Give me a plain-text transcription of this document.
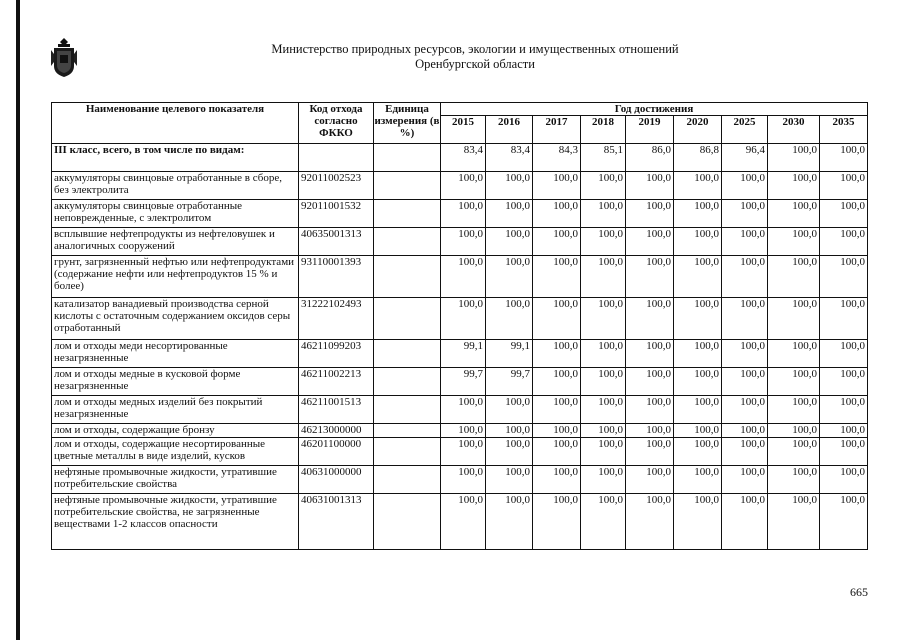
Министерство природных ресурсов, экологии и имущественных отношений
Оренбургской области
Наименование целевого показателя	Код отхода согласно ФККО	Единица измерения (в %)	Год достижения								
			2015	2016	2017	2018	2019	2020	2025	2030	2035
III класс, всего, в том числе по видам:			83,4	83,4	84,3	85,1	86,0	86,8	96,4	100,0	100,0
аккумуляторы свинцовые отработанные в сборе, без электролита	92011002523		100,0	100,0	100,0	100,0	100,0	100,0	100,0	100,0	100,0
аккумуляторы свинцовые отработанные неповрежденные, с электролитом	92011001532		100,0	100,0	100,0	100,0	100,0	100,0	100,0	100,0	100,0
всплывшие нефтепродукты из нефтеловушек и аналогичных сооружений	40635001313		100,0	100,0	100,0	100,0	100,0	100,0	100,0	100,0	100,0
грунт, загрязненный нефтью или нефтепродуктами (содержание нефти или нефтепродуктов 15 % и более)	93110001393		100,0	100,0	100,0	100,0	100,0	100,0	100,0	100,0	100,0
катализатор ванадиевый производства серной кислоты с остаточным содержанием оксидов серы отработанный	31222102493		100,0	100,0	100,0	100,0	100,0	100,0	100,0	100,0	100,0
лом и отходы меди несортированные незагрязненные	46211099203		99,1	99,1	100,0	100,0	100,0	100,0	100,0	100,0	100,0
лом и отходы медные в кусковой форме незагрязненные	46211002213		99,7	99,7	100,0	100,0	100,0	100,0	100,0	100,0	100,0
лом и отходы медных изделий без покрытий незагрязненные	46211001513		100,0	100,0	100,0	100,0	100,0	100,0	100,0	100,0	100,0
лом и отходы, содержащие бронзу	46213000000		100,0	100,0	100,0	100,0	100,0	100,0	100,0	100,0	100,0
лом и отходы, содержащие несортированные цветные металлы в виде изделий, кусков	46201100000		100,0	100,0	100,0	100,0	100,0	100,0	100,0	100,0	100,0
нефтяные промывочные жидкости, утратившие потребительские свойства	40631000000		100,0	100,0	100,0	100,0	100,0	100,0	100,0	100,0	100,0
нефтяные промывочные жидкости, утратившие потребительские свойства, не загрязненные веществами 1-2 классов опасности	40631001313		100,0	100,0	100,0	100,0	100,0	100,0	100,0	100,0	100,0
665
